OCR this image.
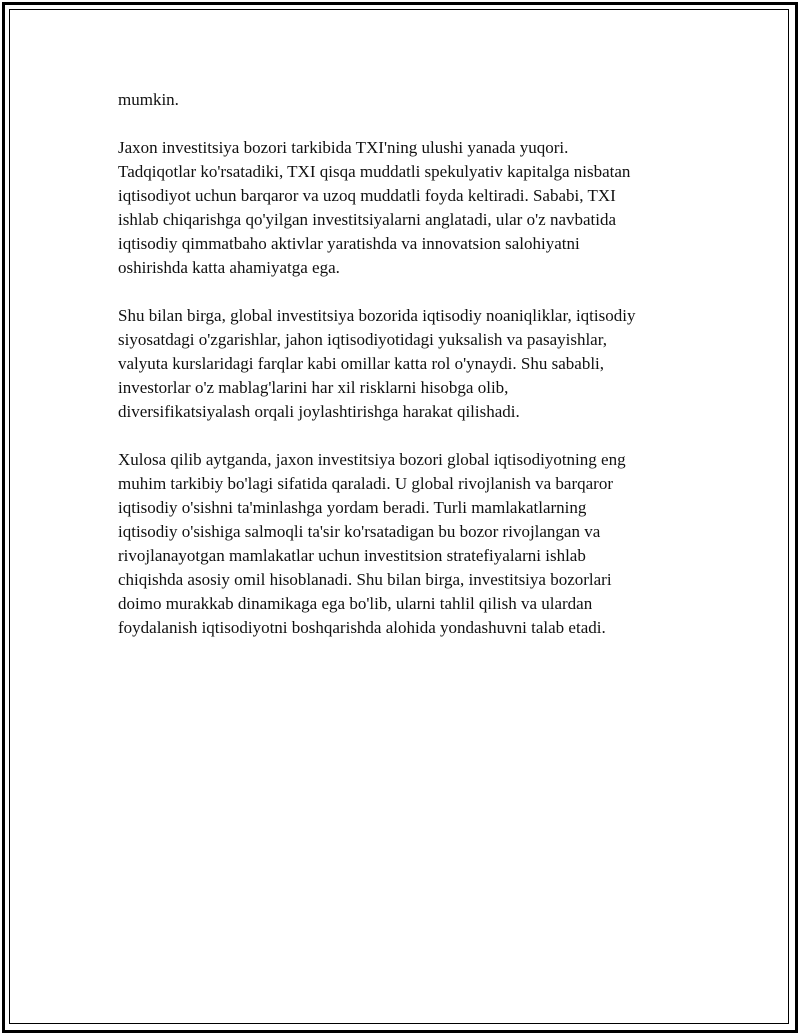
mumkin.

Jaxon investitsiya bozori tarkibida TXI'ning ulushi yanada yuqori.
Tadqiqotlar ko'rsatadiki, TXI qisqa muddatli spekulyativ kapitalga nisbatan
iqtisodiyot uchun barqaror va uzoq muddatli foyda keltiradi. Sababi, TXI
ishlab chiqarishga qo'yilgan investitsiyalarni anglatadi, ular o'z navbatida
iqtisodiy qimmatbaho aktivlar yaratishda va innovatsion salohiyatni
oshirishda katta ahamiyatga ega.

Shu bilan birga, global investitsiya bozorida iqtisodiy noaniqliklar, iqtisodiy
siyosatdagi o'zgarishlar, jahon iqtisodiyotidagi yuksalish va pasayishlar,
valyuta kurslaridagi farqlar kabi omillar katta rol o'ynaydi. Shu sababli,
investorlar o'z mablag'larini har xil risklarni hisobga olib,
diversifikatsiyalash orqali joylashtirishga harakat qilishadi.

Xulosa qilib aytganda, jaxon investitsiya bozori global iqtisodiyotning eng
muhim tarkibiy bo'lagi sifatida qaraladi. U global rivojlanish va barqaror
iqtisodiy o'sishni ta'minlashga yordam beradi. Turli mamlakatlarning
iqtisodiy o'sishiga salmoqli ta'sir ko'rsatadigan bu bozor rivojlangan va
rivojlanayotgan mamlakatlar uchun investitsion stratefiyalarni ishlab
chiqishda asosiy omil hisoblanadi. Shu bilan birga, investitsiya bozorlari
doimo murakkab dinamikaga ega bo'lib, ularni tahlil qilish va ulardan
foydalanish iqtisodiyotni boshqarishda alohida yondashuvni talab etadi.
